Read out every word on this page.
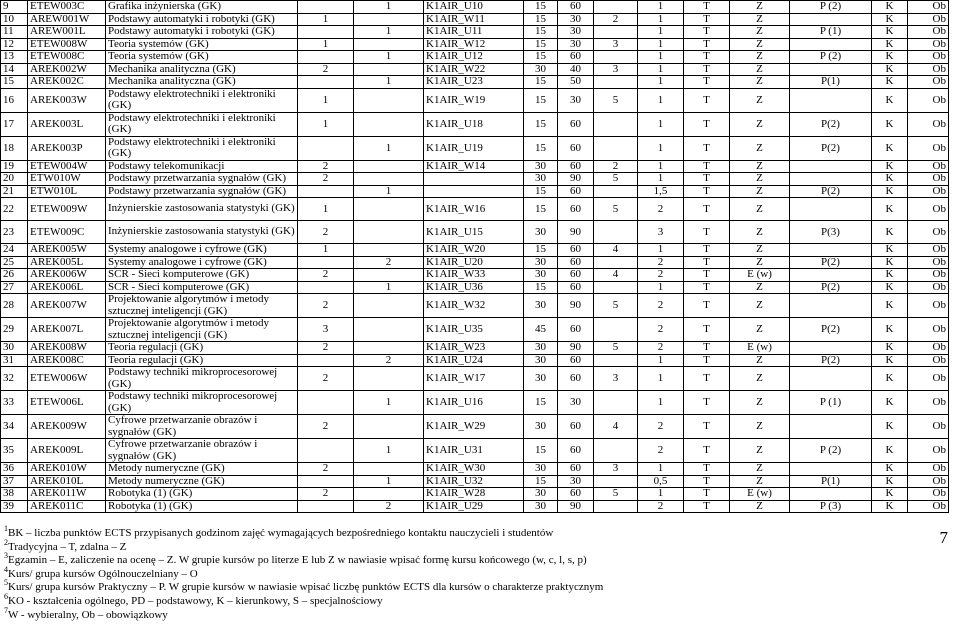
9	ETEW003C	Grafika inżynierska (GK)		1	K1AIR_U10	15	60		1	T	Z	P (2)	K	Ob
10	AREW001W	Podstawy automatyki i robotyki (GK)	1		K1AIR_W11	15	30	2	1	T	Z		K	Ob
11	AREW001L	Podstawy automatyki i robotyki (GK)		1	K1AIR_U11	15	30		1	T	Z	P (1)	K	Ob
12	ETEW008W	Teoria systemów (GK)	1		K1AIR_W12	15	30	3	1	T	Z		K	Ob
13	ETEW008C	Teoria systemów (GK)		1	K1AIR_U12	15	60		1	T	Z	P (2)	K	Ob
14	AREK002W	Mechanika analityczna (GK)	2		K1AIR_W22	30	40	3	1	T	Z		K	Ob
15	AREK002C	Mechanika analityczna (GK)		1	K1AIR_U23	15	50		1	T	Z	P(1)	K	Ob
16	AREK003W	Podstawy elektrotechniki i elektroniki (GK)	1		K1AIR_W19	15	30	5	1	T	Z		K	Ob
17	AREK003L	Podstawy elektrotechniki i elektroniki (GK)	1		K1AIR_U18	15	60		1	T	Z	P(2)	K	Ob
18	AREK003P	Podstawy elektrotechniki i elektroniki (GK)		1	K1AIR_U19	15	60		1	T	Z	P(2)	K	Ob
19	ETEW004W	Podstawy telekomunikacji	2		K1AIR_W14	30	60	2	1	T	Z		K	Ob
20	ETW010W	Podstawy przetwarzania sygnałów (GK)	2			30	90	5	1	T	Z		K	Ob
21	ETW010L	Podstawy przetwarzania sygnałów (GK)		1		15	60		1,5	T	Z	P(2)	K	Ob
22	ETEW009W	Inżynierskie zastosowania statystyki (GK)	1		K1AIR_W16	15	60	5	2	T	Z		K	Ob
23	ETEW009C	Inżynierskie zastosowania statystyki (GK)	2		K1AIR_U15	30	90		3	T	Z	P(3)	K	Ob
24	AREK005W	Systemy analogowe i cyfrowe (GK)	1		K1AIR_W20	15	60	4	1	T	Z		K	Ob
25	AREK005L	Systemy analogowe i cyfrowe (GK)		2	K1AIR_U20	30	60		2	T	Z	P(2)	K	Ob
26	AREK006W	SCR - Sieci komputerowe (GK)	2		K1AIR_W33	30	60	4	2	T	E (w)		K	Ob
27	AREK006L	SCR - Sieci komputerowe (GK)		1	K1AIR_U36	15	60		1	T	Z	P(2)	K	Ob
28	AREK007W	Projektowanie algorytmów i metody sztucznej inteligencji (GK)	2		K1AIR_W32	30	90	5	2	T	Z		K	Ob
29	AREK007L	Projektowanie algorytmów i metody sztucznej inteligencji (GK)	3		K1AIR_U35	45	60		2	T	Z	P(2)	K	Ob
30	AREK008W	Teoria regulacji (GK)	2		K1AIR_W23	30	90	5	2	T	E (w)		K	Ob
31	AREK008C	Teoria regulacji (GK)		2	K1AIR_U24	30	60		1	T	Z	P(2)	K	Ob
32	ETEW006W	Podstawy techniki mikroprocesorowej (GK)	2		K1AIR_W17	30	60	3	1	T	Z		K	Ob
33	ETEW006L	Podstawy techniki mikroprocesorowej (GK)		1	K1AIR_U16	15	30		1	T	Z	P (1)	K	Ob
34	AREK009W	Cyfrowe przetwarzanie obrazów i sygnałów (GK)	2		K1AIR_W29	30	60	4	2	T	Z		K	Ob
35	AREK009L	Cyfrowe przetwarzanie obrazów i sygnałów (GK)		1	K1AIR_U31	15	60		2	T	Z	P (2)	K	Ob
36	AREK010W	Metody numeryczne (GK)	2		K1AIR_W30	30	60	3	1	T	Z		K	Ob
37	AREK010L	Metody numeryczne (GK)		1	K1AIR_U32	15	30		0,5	T	Z	P(1)	K	Ob
38	AREK011W	Robotyka (1) (GK)	2		K1AIR_W28	30	60	5	1	T	E (w)		K	Ob
39	AREK011C	Robotyka (1) (GK)		2	K1AIR_U29	30	90		2	T	Z	P (3)	K	Ob
$^1$BK – liczba punktów ECTS przypisanych godzinom zajęć wymagających bezpośredniego kontaktu nauczycieli i studentów
$^2$Tradycyjna – T, zdalna – Z
$^3$Egzamin – E, zaliczenie na ocenę – Z. W grupie kursów po literze E lub Z w nawiasie wpisać formę kursu końcowego (w, c, l, s, p)
$^4$Kurs/ grupa kursów Ogólnouczelniany – O
$^5$Kurs/ grupa kursów Praktyczny – P. W grupie kursów w nawiasie wpisać liczbę punktów ECTS dla kursów o charakterze praktycznym
$^6$KO - kształcenia ogólnego, PD – podstawowy, K – kierunkowy, S – specjalnościowy
$^7$W - wybieralny, Ob – obowiązkowy
7
